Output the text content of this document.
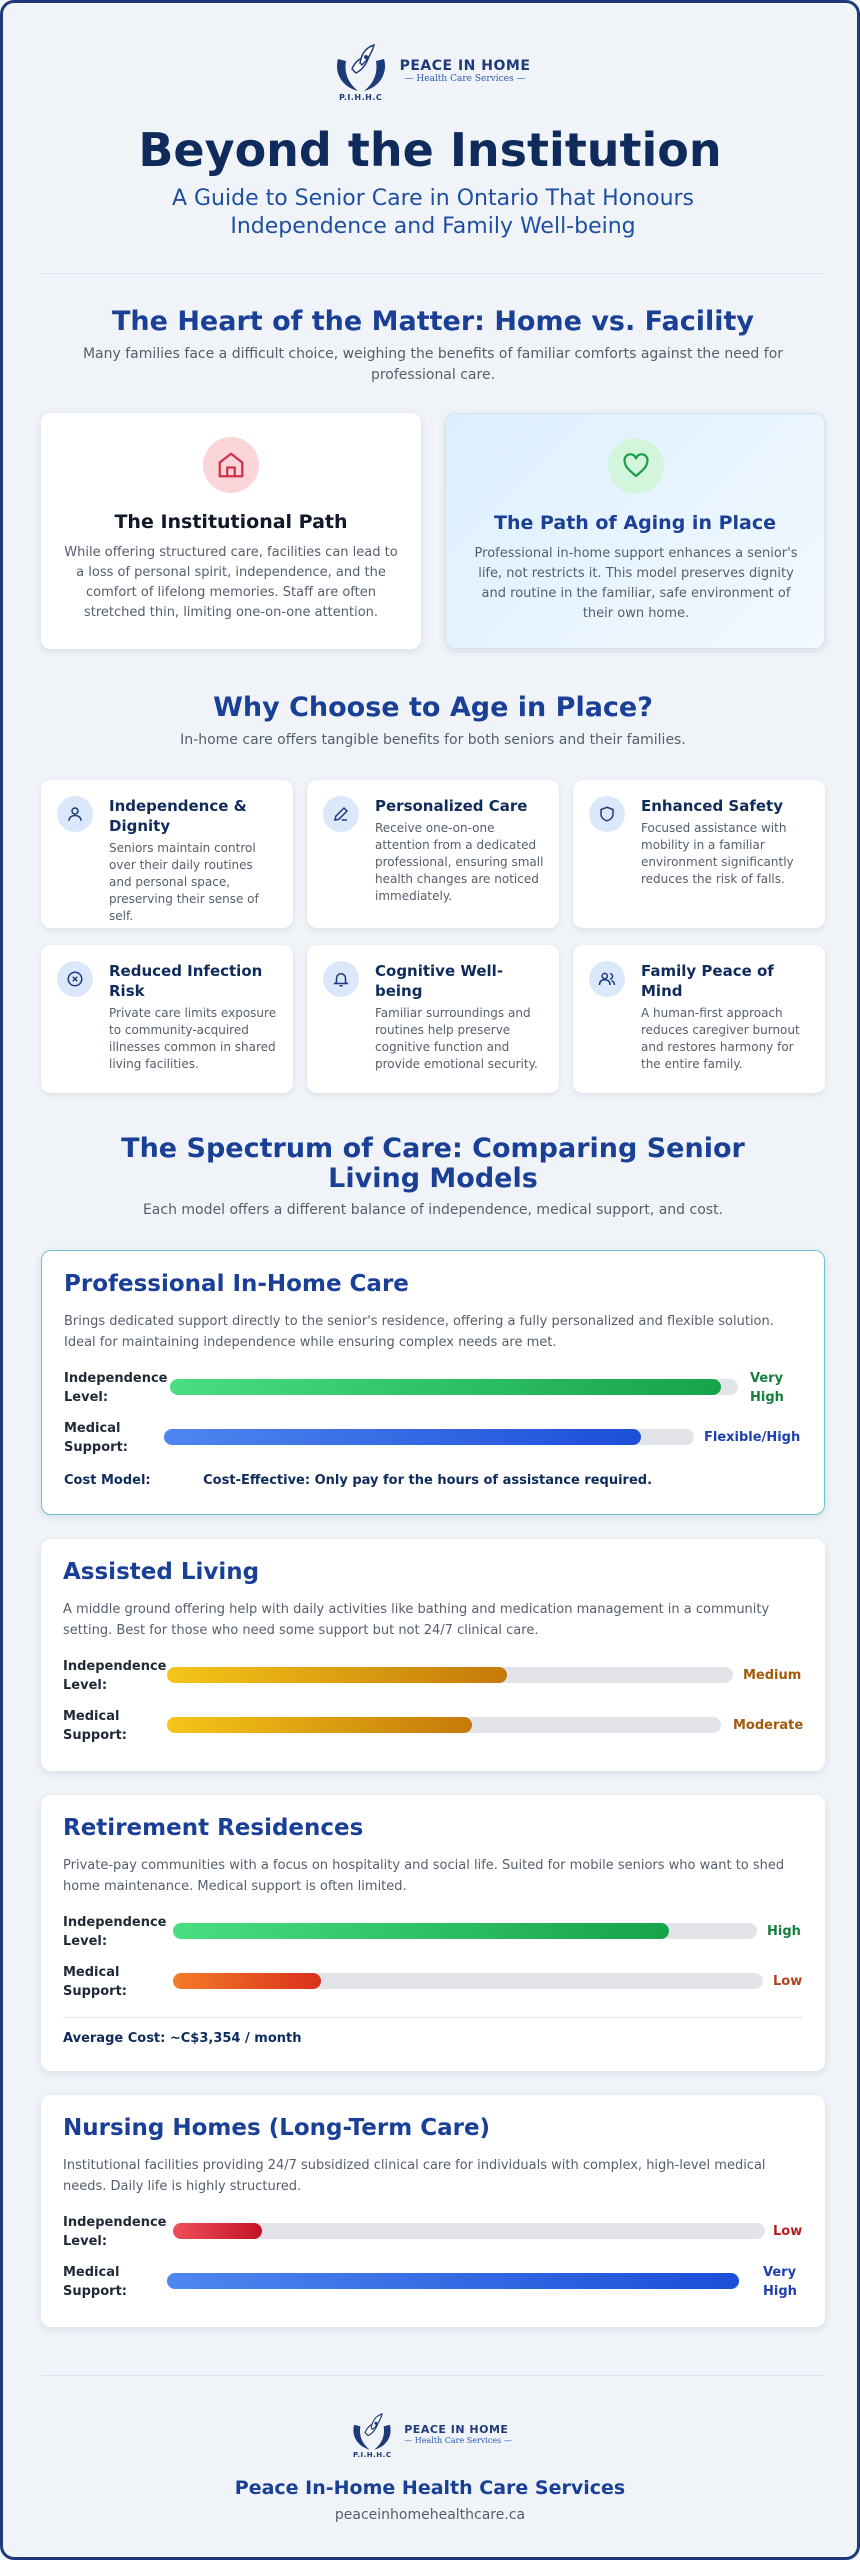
P.I.H.H.C
PEACE IN HOME
— Health Care Services —
Beyond the Institution

A Guide to Senior Care in Ontario That Honours Independence and Family Well-being

The Heart of the Matter: Home vs. Facility

Many families face a difficult choice, weighing the benefits of familiar comforts against the need for professional care.

The Institutional Path
While offering structured care, facilities can lead to a loss of personal spirit, independence, and the comfort of lifelong memories. Staff are often stretched thin, limiting one-on-one attention.
The Path of Aging in Place
Professional in-home support enhances a senior's life, not restricts it. This model preserves dignity and routine in the familiar, safe environment of their own home.
Why Choose to Age in Place?

In-home care offers tangible benefits for both seniors and their families.

Independence & Dignity
Seniors maintain control over their daily routines and personal space, preserving their sense of self.
Personalized Care
Receive one-on-one attention from a dedicated professional, ensuring small health changes are noticed immediately.
Enhanced Safety
Focused assistance with mobility in a familiar environment significantly reduces the risk of falls.
Reduced Infection Risk
Private care limits exposure to community-acquired illnesses common in shared living facilities.
Cognitive Well-being
Familiar surroundings and routines help preserve cognitive function and provide emotional security.
Family Peace of Mind
A human-first approach reduces caregiver burnout and restores harmony for the entire family.
The Spectrum of Care: Comparing Senior Living Models

Each model offers a different balance of independence, medical support, and cost.

Professional In-Home Care
Brings dedicated support directly to the senior's residence, offering a fully personalized and flexible solution. Ideal for maintaining independence while ensuring complex needs are met.
Independence Level:
Very High
Medical Support:
Flexible/High
Cost Model:	Cost-Effective: Only pay for the hours of assistance required.
Assisted Living
A middle ground offering help with daily activities like bathing and medication management in a community setting. Best for those who need some support but not 24/7 clinical care.
Independence Level:
Medium
Medical Support:
Moderate
Retirement Residences
Private-pay communities with a focus on hospitality and social life. Suited for mobile seniors who want to shed home maintenance. Medical support is often limited.
Independence Level:
High
Medical Support:
Low
Average Cost: ~C$3,354 / month
Nursing Homes (Long-Term Care)
Institutional facilities providing 24/7 subsidized clinical care for individuals with complex, high-level medical needs. Daily life is highly structured.
Independence Level:
Low
Medical Support:
Very High
P.I.H.H.C
PEACE IN HOME
— Health Care Services —
Peace In-Home Health Care Services
peaceinhomehealthcare.ca
